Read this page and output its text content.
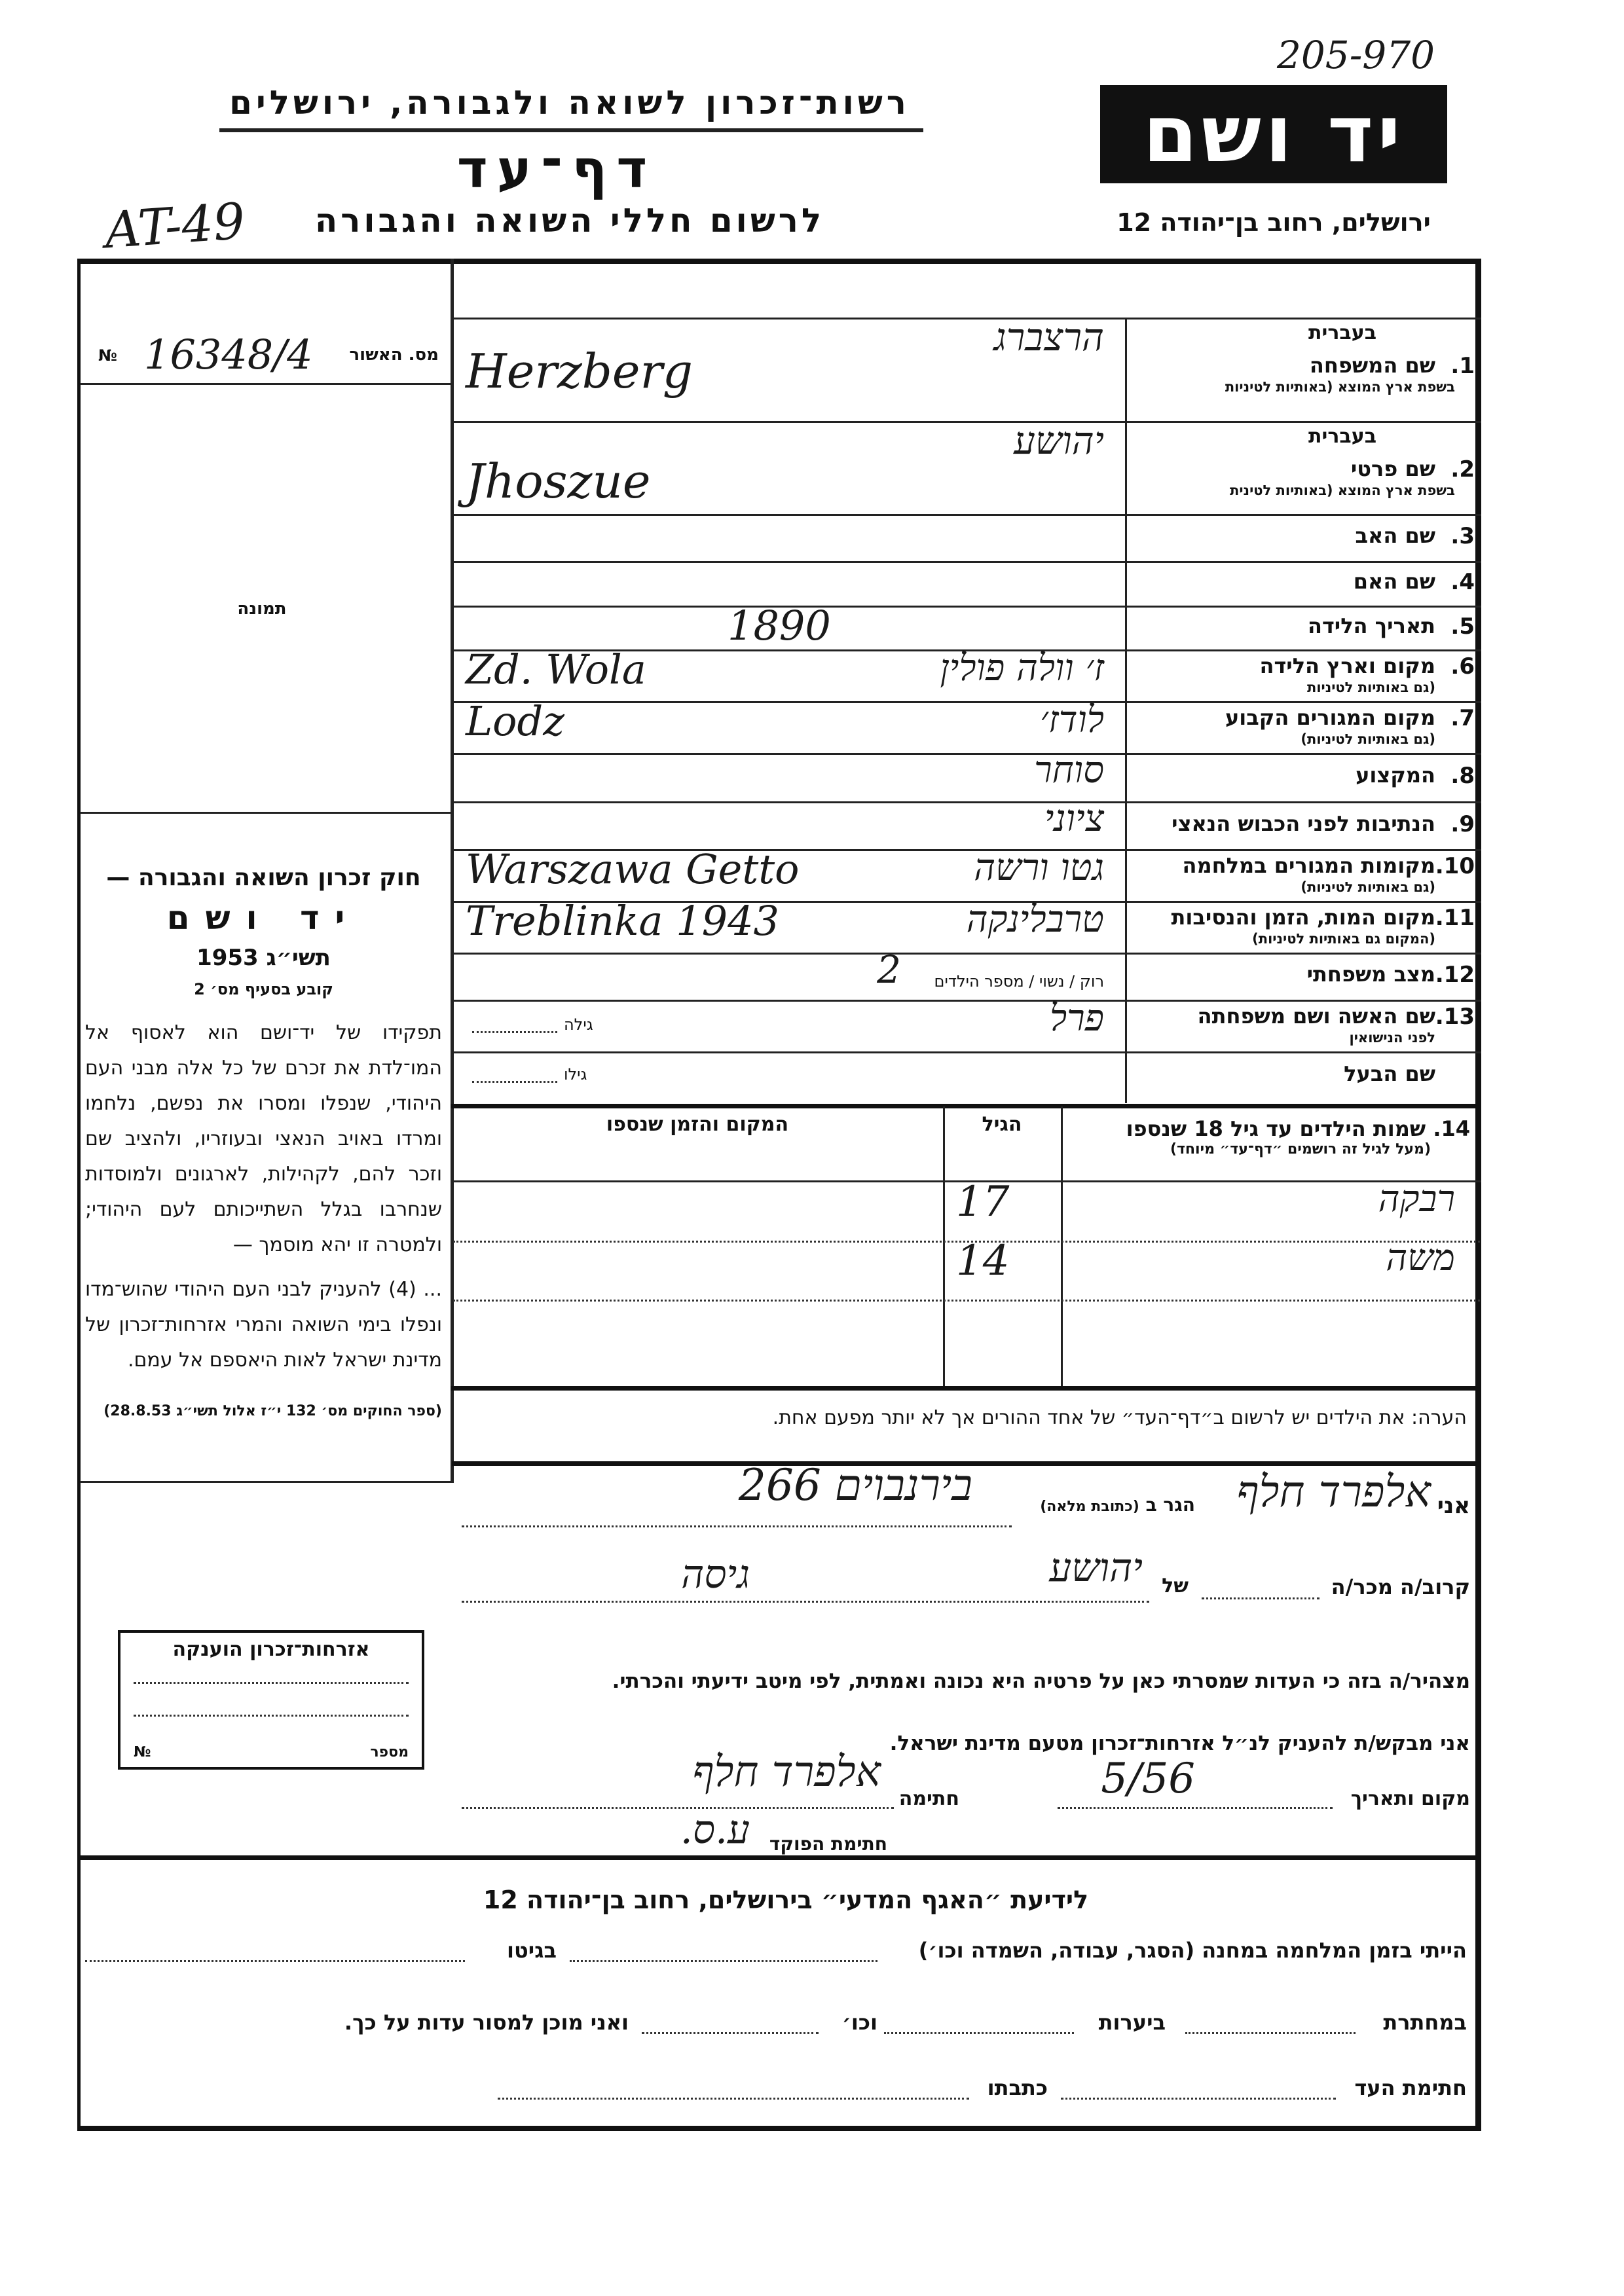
205-970
AT-49
רשות־זכרון לשואה ולגבורה, ירושלים
דף־עד
לרשום חללי השואה והגבורה
יד ושם
ירושלים, רחוב בן־יהודה 12
מס. האשור
16348/4
№
תמונה
חוק זכרון השואה והגבורה —
יד ושם
תשי״ג 1953
קובע בסעיף מס׳ 2
תפקידו של יד־ושם הוא לאסוף אל המו־לדת את זכרם של כל אלה מבני העם היהודי, שנפלו ומסרו את נפשם, נלחמו ומרדו באויב הנאצי ובעוזריו, ולהציב שם וזכר להם, לקהילות, לארגונים ולמוסדות שנחרבו בגלל השתייכותם לעם היהודי; ולמטרה זו יהא מוסמך —
... (4) להעניק לבני העם היהודי שהוש־מדו ונפלו בימי השואה והמרי אזרחות־זכרון של מדינת ישראל לאות היאספם אל עמם.
(ספר החוקים מס׳ 132 י״ז אלול תשי״ג 28.8.53)
בעברית
1.
שם המשפחה
בשפת ארץ המוצא (באותיות לטיניות
הרצברג
Herzberg
בעברית
2.
שם פרטי
בשפת ארץ המוצא (באותיות לטינית
יהושע
Jhoszue
3.
שם האב
4.
שם האם
5.
תאריך הלידה
1890
6.
מקום וארץ הלידה
(גם באותיות לטיניות
ז׳ וולה פולין
Zd. Wola
7.
מקום המגורים הקבוע
(גם באותיות לטיניות)
לודז׳
Lodz
8.
המקצוע
סוחר
9.
הנתיבות לפני הכבוש הנאצי
ציוני
10.
מקומות המגורים במלחמה
(גם באותיות לטיניות)
גטו ורשה
Warszawa Getto
11.
מקום המות, הזמן והנסיבות
(המקום גם באותיות לטיניות)
טרבלינקה
Treblinka 1943
12.
מצב משפחתי
רוק / נשוי / מספר הילדים
2
13.
שם האשה ושם משפחתה
לפני הנישואין
פרל
גילה
שם הבעל
גילו
14. שמות הילדים עד גיל 18 שנספו
(מעל לגיל זה רושמים ״דף־עד״ מיוחד)
הגיל
המקום והזמן שנספו
רבקה
17
משה
14
הערה: את הילדים יש לרשום ב״דף־העד״ של אחד ההורים אך לא יותר מפעם אחת.
אני
אלפרד חלף
הגר ב (כתובת מלאה)
בירנבוים 266
קרוב/ה מכר/ה
של
יהושע
גיסה
מצהיר/ה בזה כי העדות שמסרתי כאן על פרטיה היא נכונה ואמתית, לפי מיטב ידיעתי והכרתי.
אני מבקש/ת להעניק לנ״ל אזרחות־זכרון מטעם מדינת ישראל.
מקום ותאריך
5/56
חתימה
אלפרד חלף
חתימת הפוקד
ע.ס.
אזרחות־זכרון הוענקה
מספר
№
לידיעת ״האגף המדעי״ בירושלים, רחוב בן־יהודה 12
הייתי בזמן המלחמה במחנה (הסגר, עבודה, השמדה וכו׳)
בגיטו
במחתרת
ביערות
וכו׳
ואני מוכן למסור עדות על כך.
חתימת העד
כתבתו
